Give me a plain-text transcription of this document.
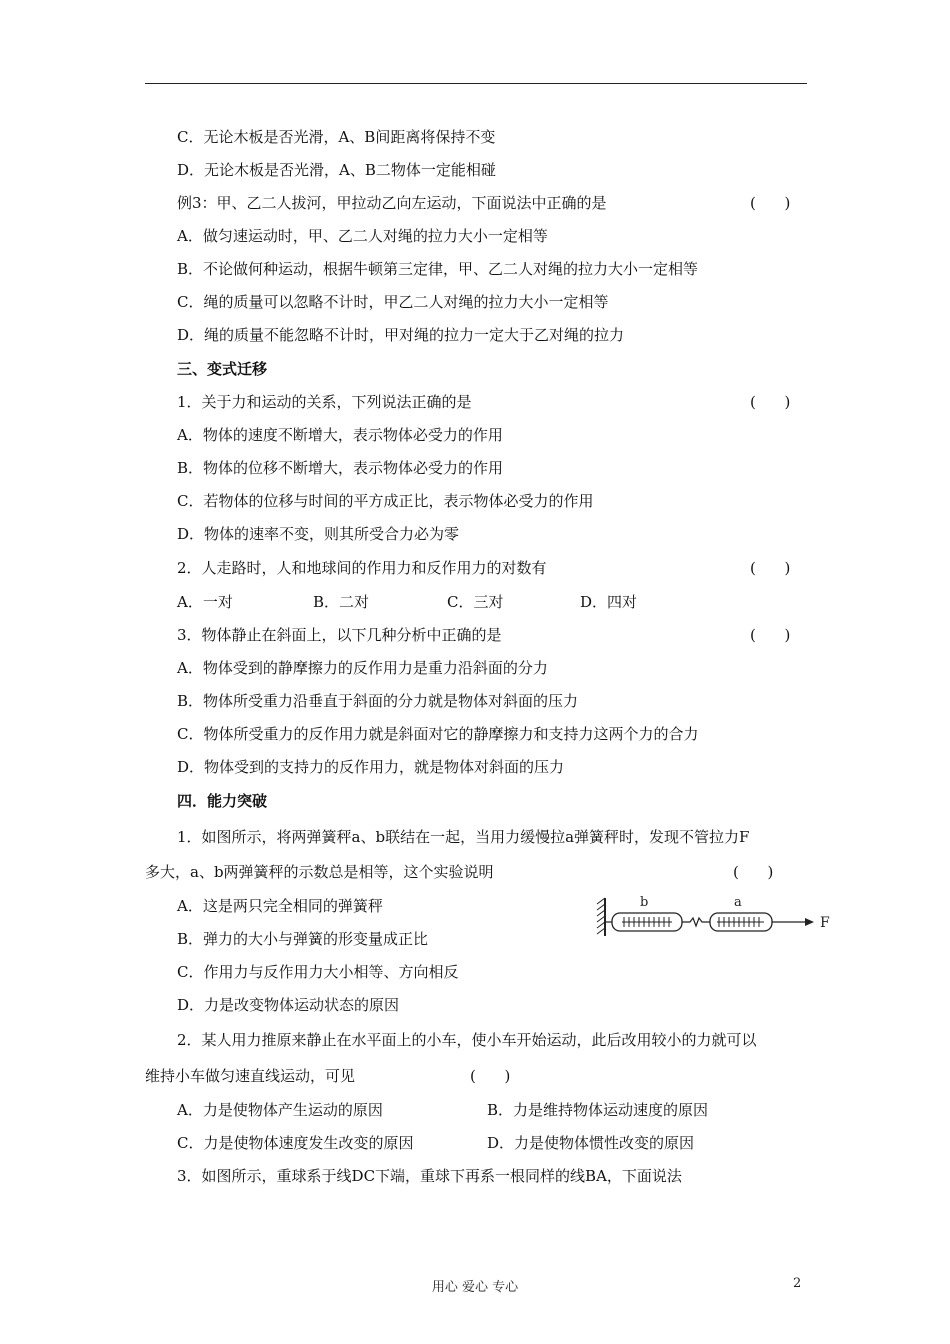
C．无论木板是否光滑，A、B间距离将保持不变
D．无论木板是否光滑，A、B二物体一定能相碰
例3：甲、乙二人拔河，甲拉动乙向左运动，下面说法中正确的是
A．做匀速运动时，甲、乙二人对绳的拉力大小一定相等
B．不论做何种运动，根据牛顿第三定律，甲、乙二人对绳的拉力大小一定相等
C．绳的质量可以忽略不计时，甲乙二人对绳的拉力大小一定相等
D．绳的质量不能忽略不计时，甲对绳的拉力一定大于乙对绳的拉力
三、变式迁移
1．关于力和运动的关系，下列说法正确的是
A．物体的速度不断增大，表示物体必受力的作用
B．物体的位移不断增大，表示物体必受力的作用
C．若物体的位移与时间的平方成正比，表示物体必受力的作用
D．物体的速率不变，则其所受合力必为零
2．人走路时，人和地球间的作用力和反作用力的对数有
A．一对	B．二对	C．三对	D．四对
3．物体静止在斜面上，以下几种分析中正确的是
A．物体受到的静摩擦力的反作用力是重力沿斜面的分力
B．物体所受重力沿垂直于斜面的分力就是物体对斜面的压力
C．物体所受重力的反作用力就是斜面对它的静摩擦力和支持力这两个力的合力
D．物体受到的支持力的反作用力，就是物体对斜面的压力
四．能力突破
1．如图所示，将两弹簧秤a、b联结在一起，当用力缓慢拉a弹簧秤时，发现不管拉力F
多大，a、b两弹簧秤的示数总是相等，这个实验说明
A．这是两只完全相同的弹簧秤
B．弹力的大小与弹簧的形变量成正比
C．作用力与反作用力大小相等、方向相反
D．力是改变物体运动状态的原因
2．某人用力推原来静止在水平面上的小车，使小车开始运动，此后改用较小的力就可以
维持小车做匀速直线运动，可见
A．力是使物体产生运动的原因	B．力是维持物体运动速度的原因
C．力是使物体速度发生改变的原因	D．力是使物体惯性改变的原因
3．如图所示，重球系于线DC下端，重球下再系一根同样的线BA，下面说法
(      )
(      )
(      )
(      )
(      )
(      )
b	a
F
用心 爱心 专心	2
